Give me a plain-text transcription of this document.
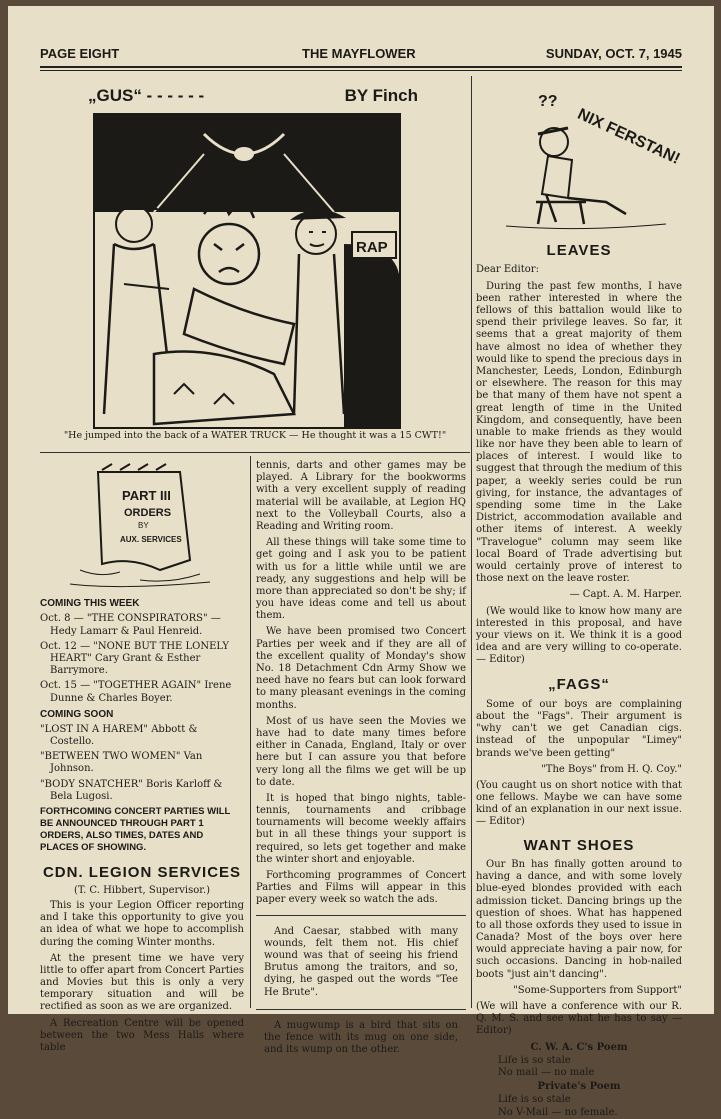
PAGE EIGHT	THE MAYFLOWER	SUNDAY, OCT. 7, 1945
„GUS“ - - - - - -	BY Finch
RAP
"He jumped into the back of a WATER TRUCK — He thought it was a 15 CWT!"
PART III
ORDERS
BY
AUX. SERVICES
COMING THIS WEEK
Oct. 8 — "THE CONSPIRATORS" — Hedy Lamarr & Paul Henreid.
Oct. 12 — "NONE BUT THE LONELY HEART" Cary Grant & Esther Barrymore.
Oct. 15 — "TOGETHER AGAIN" Irene Dunne & Charles Boyer.
COMING SOON
"LOST IN A HAREM" Abbott & Costello.
"BETWEEN TWO WOMEN" Van Johnson.
"BODY SNATCHER" Boris Karloff & Bela Lugosi.
FORTHCOMING CONCERT PARTIES WILL BE ANNOUNCED THROUGH PART 1 ORDERS, ALSO TIMES, DATES AND PLACES OF SHOWING.
CDN. LEGION SERVICES
(T. C. Hibbert, Supervisor.)

This is your Legion Officer reporting and I take this opportunity to give you an idea of what we hope to accomplish during the coming Winter months.

At the present time we have very little to offer apart from Concert Parties and Movies but this is only a very temporary situation and will be rectified as soon as we are organized.

A Recreation Centre will be opened between the two Mess Halls where table

tennis, darts and other games may be played. A Library for the bookworms with a very excellent supply of reading material will be available, at Legion HQ next to the Volleyball Courts, also a Reading and Writing room.

All these things will take some time to get going and I ask you to be patient with us for a little while until we are ready, any suggestions and help will be more than appreciated so don't be shy; if you have ideas come and tell us about them.

We have been promised two Concert Parties per week and if they are all of the excellent quality of Monday's show No. 18 Detachment Cdn Army Show we need have no fears but can look forward to many pleasant evenings in the coming months.

Most of us have seen the Movies we have had to date many times before either in Canada, England, Italy or over here but I can assure you that before very long all the films we get will be up to date.

It is hoped that bingo nights, table-tennis, tournaments and cribbage tournaments will become weekly affairs but in all these things your support is required, so lets get together and make the winter short and enjoyable.

Forthcoming programmes of Concert Parties and Films will appear in this paper every week so watch the ads.

And Caesar, stabbed with many wounds, felt them not. His chief wound was that of seeing his friend Brutus among the traitors, and so, dying, he gasped out the words "Tee He Brute".

A mugwump is a bird that sits on the fence with its mug on one side, and its wump on the other.

??
NIX FERSTAN!
LEAVES

Dear Editor:

During the past few months, I have been rather interested in where the fellows of this battalion would like to spend their privilege leaves. So far, it seems that a great majority of them have almost no idea of whether they would like to spend the precious days in Manchester, Leeds, London, Edinburgh or elsewhere. The reason for this may be that many of them have not spent a great length of time in the United Kingdom, and consequently, have been unable to make friends as they would like nor have they been able to learn of places of interest. I would like to suggest that through the medium of this paper, a weekly series could be run giving, for instance, the advantages of spending some time in the Lake District, accommodation available and other items of interest. A weekly "Travelogue" column may seem like local Board of Trade advertising but would certainly prove of interest to those next on the leave roster.

— Capt. A. M. Harper.

(We would like to know how many are interested in this proposal, and have your views on it. We think it is a good idea and are very willing to co-operate. — Editor)

„FAGS“

Some of our boys are complaining about the "Fags". Their argument is "why can't we get Canadian cigs. instead of the unpopular "Limey" brands we've been getting"

"The Boys" from H. Q. Coy."

(You caught us on short notice with that one fellows. Maybe we can have some kind of an explanation in our next issue. — Editor)

WANT SHOES

Our Bn has finally gotten around to having a dance, and with some lovely blue-eyed blondes provided with each admission ticket. Dancing brings up the question of shoes. What has happened to all those oxfords they used to issue in Canada? Most of the boys over here would appreciate having a pair now, for such occasions. Dancing in hob-nailed boots "just ain't dancing".

"Some-Supporters from Support"

(We will have a conference with our R. Q. M. S. and see what he has to say — Editor)

C. W. A. C's Poem

Life is so stale

No mail — no male

Private's Poem

Life is so stale

No V-Mail — no female.
